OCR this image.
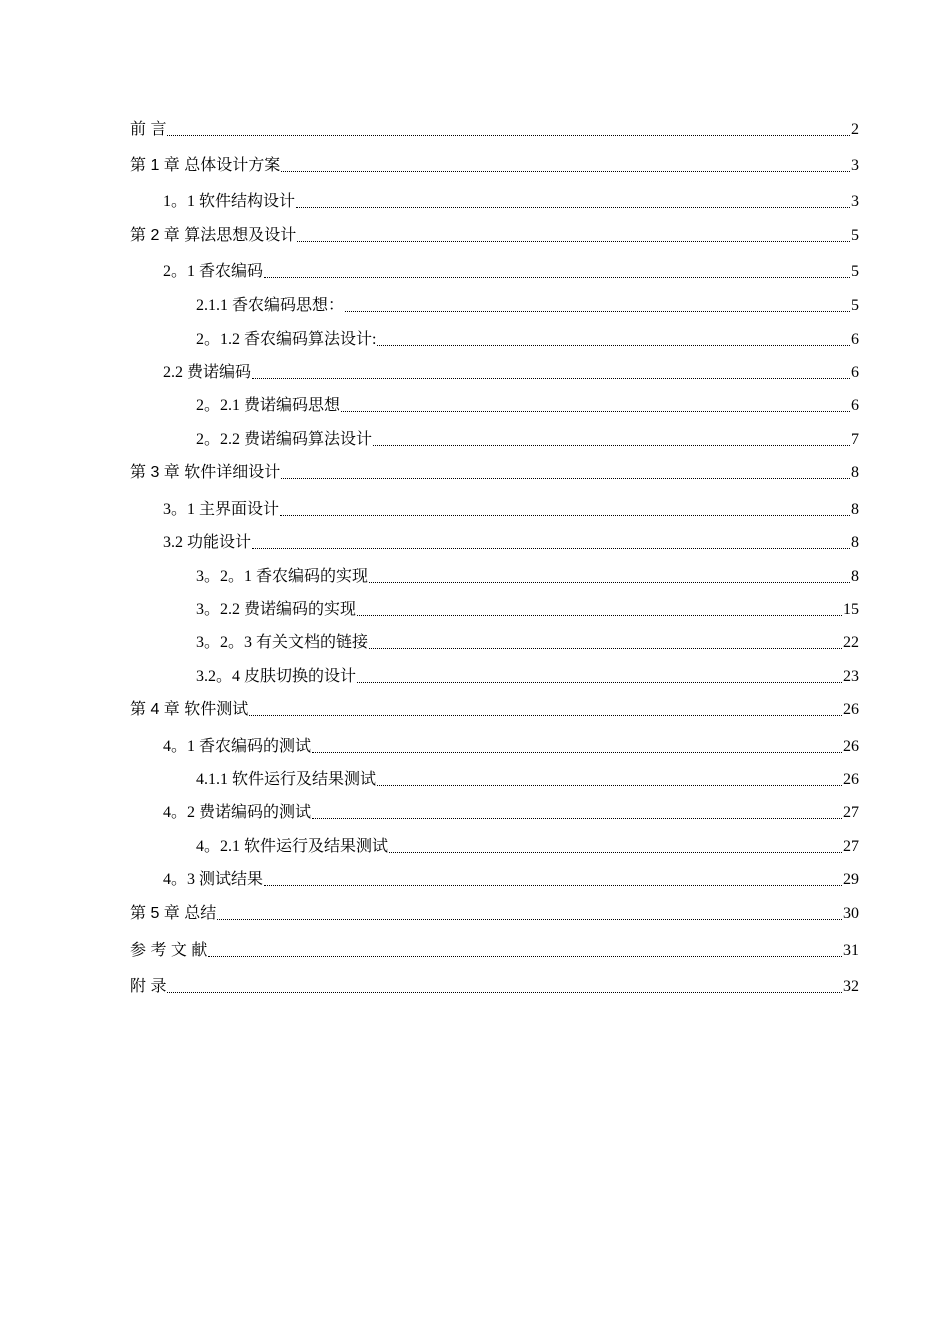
前 言	2
第 1 章 总体设计方案	3
1。1 软件结构设计	3
第 2 章 算法思想及设计	5
2。1 香农编码	5
2.1.1 香农编码思想：	5
2。1.2 香农编码算法设计:	6
2.2 费诺编码	6
2。2.1 费诺编码思想	6
2。2.2 费诺编码算法设计	7
第 3 章 软件详细设计	8
3。1 主界面设计	8
3.2 功能设计	8
3。2。1 香农编码的实现	8
3。2.2 费诺编码的实现	15
3。2。3 有关文档的链接	22
3.2。4 皮肤切换的设计	23
第 4 章 软件测试	26
4。1 香农编码的测试	26
4.1.1 软件运行及结果测试	26
4。2 费诺编码的测试	27
4。2.1 软件运行及结果测试	27
4。3 测试结果	29
第 5 章 总结	30
参 考 文 献	31
附 录	32
